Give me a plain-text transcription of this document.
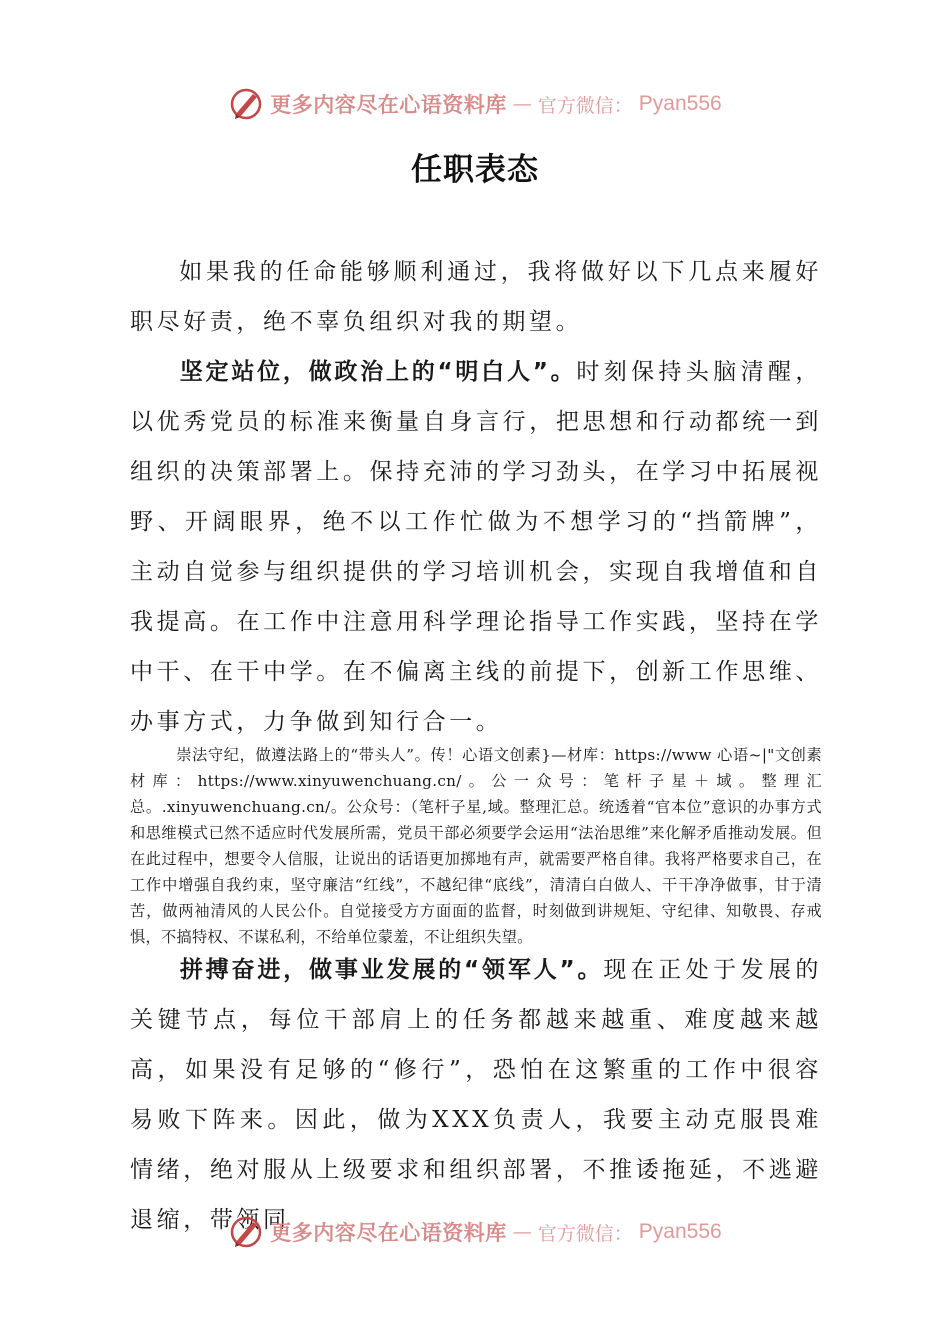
更多内容尽在心语资料库 — 官方微信： Pyan556
任职表态

如果我的任命能够顺利通过，我将做好以下几点来履好职尽好责，绝不辜负组织对我的期望。

坚定站位，做政治上的“明白人”。时刻保持头脑清醒，以优秀党员的标准来衡量自身言行，把思想和行动都统一到组织的决策部署上。保持充沛的学习劲头，在学习中拓展视野、开阔眼界，绝不以工作忙做为不想学习的“挡箭牌”，主动自觉参与组织提供的学习培训机会，实现自我增值和自我提高。在工作中注意用科学理论指导工作实践，坚持在学中干、在干中学。在不偏离主线的前提下，创新工作思维、办事方式，力争做到知行合一。

崇法守纪，做遵法路上的“带头人”。传！心语文创素}—材库：https://www 心语~|"文创素材库：https://www.xinyuwenchuang.cn/。公一众号：笔杆子星＋域。整理汇总。.xinyuwenchuang.cn/。公众号：（笔杆子星,域。整理汇总。统透着“官本位”意识的办事方式和思维模式已然不适应时代发展所需，党员干部必须要学会运用“法治思维”来化解矛盾推动发展。但在此过程中，想要令人信服，让说出的话语更加掷地有声，就需要严格自律。我将严格要求自己，在工作中增强自我约束，坚守廉洁“红线”，不越纪律“底线”，清清白白做人、干干净净做事，甘于清苦，做两袖清风的人民公仆。自觉接受方方面面的监督，时刻做到讲规矩、守纪律、知敬畏、存戒惧，不搞特权、不谋私利，不给单位蒙羞，不让组织失望。

拼搏奋进，做事业发展的“领军人”。现在正处于发展的关键节点，每位干部肩上的任务都越来越重、难度越来越高，如果没有足够的“修行”，恐怕在这繁重的工作中很容易败下阵来。因此，做为XXX负责人，我要主动克服畏难情绪，绝对服从上级要求和组织部署，不推诿拖延，不逃避退缩，带领同

更多内容尽在心语资料库 — 官方微信： Pyan556
